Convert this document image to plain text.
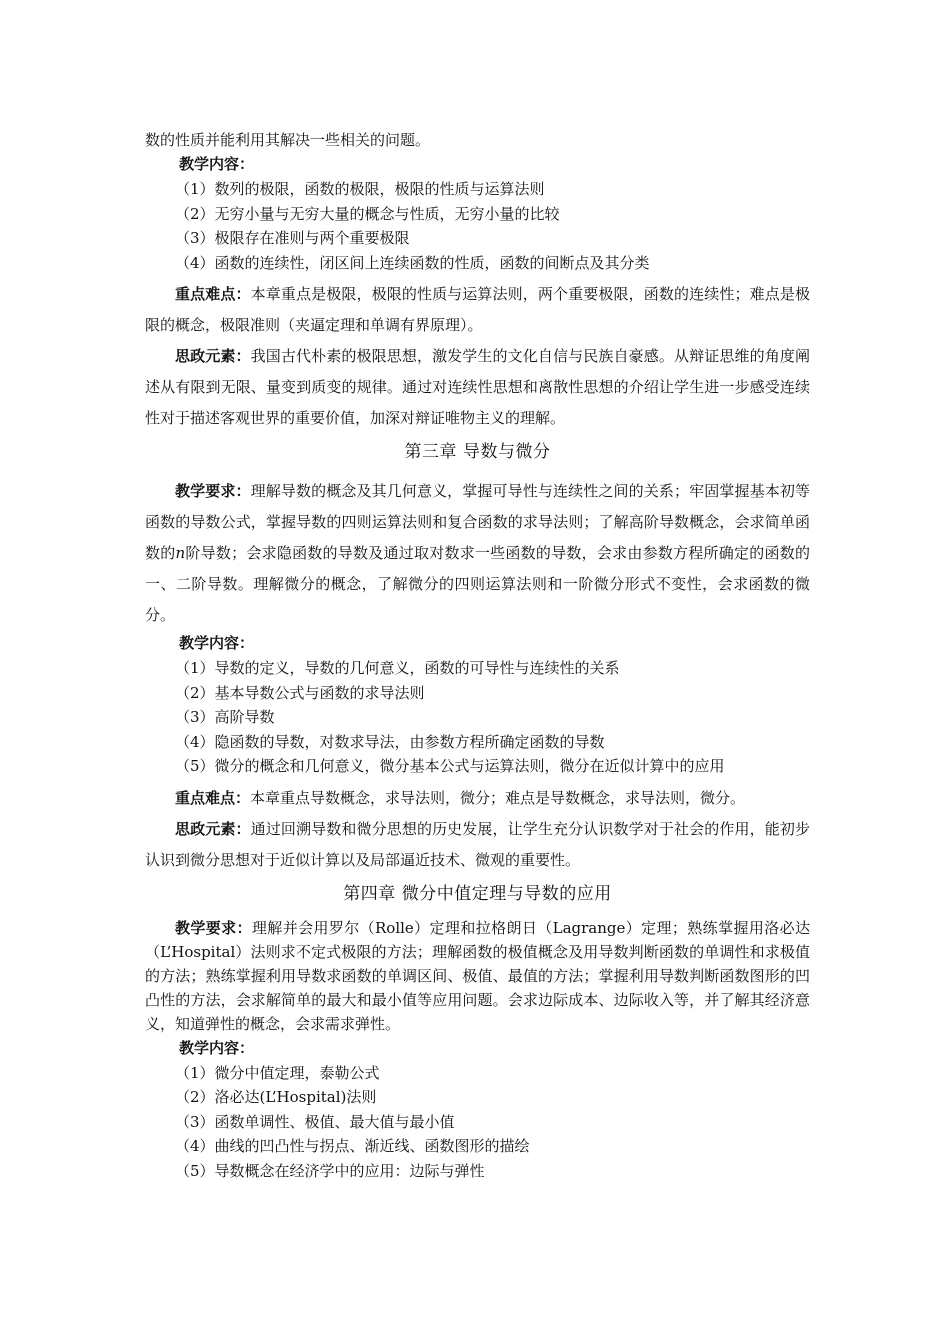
数的性质并能利用其解决一些相关的问题。

教学内容：

（1）数列的极限，函数的极限，极限的性质与运算法则

（2）无穷小量与无穷大量的概念与性质，无穷小量的比较

（3）极限存在准则与两个重要极限

（4）函数的连续性，闭区间上连续函数的性质，函数的间断点及其分类

重点难点：本章重点是极限，极限的性质与运算法则，两个重要极限，函数的连续性；难点是极限的概念，极限准则（夹逼定理和单调有界原理）。

思政元素：我国古代朴素的极限思想，激发学生的文化自信与民族自豪感。从辩证思维的角度阐述从有限到无限、量变到质变的规律。通过对连续性思想和离散性思想的介绍让学生进一步感受连续性对于描述客观世界的重要价值，加深对辩证唯物主义的理解。

第三章 导数与微分

教学要求：理解导数的概念及其几何意义，掌握可导性与连续性之间的关系；牢固掌握基本初等函数的导数公式，掌握导数的四则运算法则和复合函数的求导法则；了解高阶导数概念，会求简单函数的n阶导数；会求隐函数的导数及通过取对数求一些函数的导数，会求由参数方程所确定的函数的一、二阶导数。理解微分的概念，了解微分的四则运算法则和一阶微分形式不变性，会求函数的微分。

教学内容：

（1）导数的定义，导数的几何意义，函数的可导性与连续性的关系

（2）基本导数公式与函数的求导法则

（3）高阶导数

（4）隐函数的导数，对数求导法，由参数方程所确定函数的导数

（5）微分的概念和几何意义，微分基本公式与运算法则，微分在近似计算中的应用

重点难点：本章重点导数概念，求导法则，微分；难点是导数概念，求导法则，微分。

思政元素：通过回溯导数和微分思想的历史发展，让学生充分认识数学对于社会的作用，能初步认识到微分思想对于近似计算以及局部逼近技术、微观的重要性。

第四章 微分中值定理与导数的应用

教学要求：理解并会用罗尔（Rolle）定理和拉格朗日（Lagrange）定理；熟练掌握用洛必达（L’Hospital）法则求不定式极限的方法；理解函数的极值概念及用导数判断函数的单调性和求极值的方法；熟练掌握利用导数求函数的单调区间、极值、最值的方法；掌握利用导数判断函数图形的凹凸性的方法，会求解简单的最大和最小值等应用问题。会求边际成本、边际收入等，并了解其经济意义，知道弹性的概念，会求需求弹性。

教学内容：

（1）微分中值定理，泰勒公式

（2）洛必达(L’Hospital)法则

（3）函数单调性、极值、最大值与最小值

（4）曲线的凹凸性与拐点、渐近线、函数图形的描绘

（5）导数概念在经济学中的应用：边际与弹性
